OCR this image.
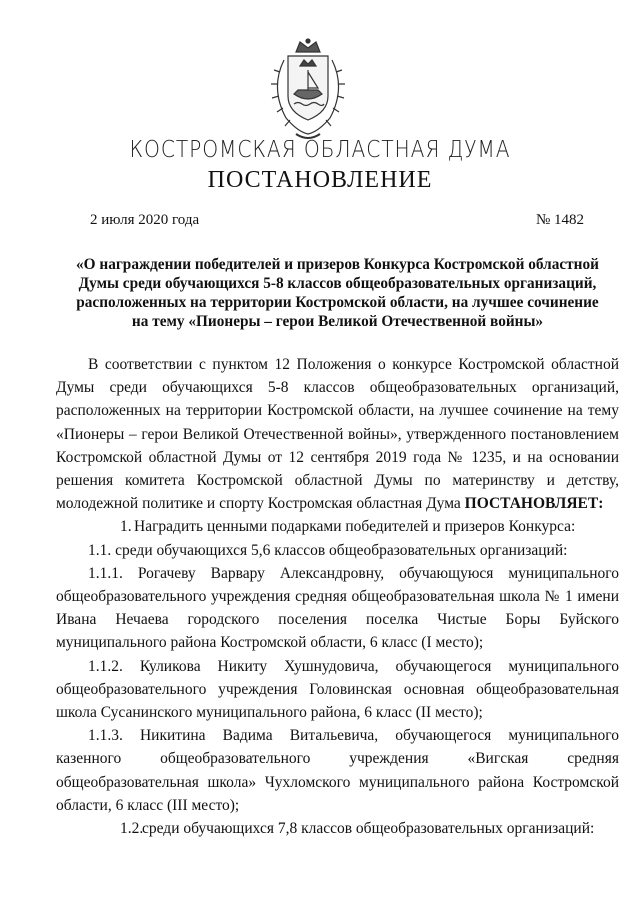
КОСТРОМСКАЯ ОБЛАСТНАЯ ДУМА
ПОСТАНОВЛЕНИЕ
2 июля 2020 года	№ 1482
«О награждении победителей и призеров Конкурса Костромской областной
Думы среди обучающихся 5-8 классов общеобразовательных организаций,
расположенных на территории Костромской области, на лучшее сочинение
на тему «Пионеры – герои Великой Отечественной войны»

В соответствии с пунктом 12 Положения о конкурсе Костромской областной Думы среди обучающихся 5-8 классов общеобразовательных организаций, расположенных на территории Костромской области, на лучшее сочинение на тему «Пионеры – герои Великой Отечественной войны», утвержденного постановлением Костромской областной Думы от 12 сентября 2019 года № 1235, и на основании решения комитета Костромской областной Думы по материнству и детству, молодежной политике и спорту Костромская областная Дума ПОСТАНОВЛЯЕТ:

1. Наградить ценными подарками победителей и призеров Конкурса:

1.1. среди обучающихся 5,6 классов общеобразовательных организаций:

1.1.1. Рогачеву Варвару Александровну, обучающуюся муниципального общеобразовательного учреждения средняя общеобразовательная школа № 1 имени Ивана Нечаева городского поселения поселка Чистые Боры Буйского муниципального района Костромской области, 6 класс (I место);

1.1.2. Куликова Никиту Хушнудовича, обучающегося муниципального общеобразовательного учреждения Головинская основная общеобразовательная школа Сусанинского муниципального района, 6 класс (II место);

1.1.3. Никитина Вадима Витальевича, обучающегося муниципального казенного общеобразовательного учреждения «Вигская средняя общеобразовательная школа» Чухломского муниципального района Костромской области, 6 класс (III место);

1.2.среди обучающихся 7,8 классов общеобразовательных организаций:
